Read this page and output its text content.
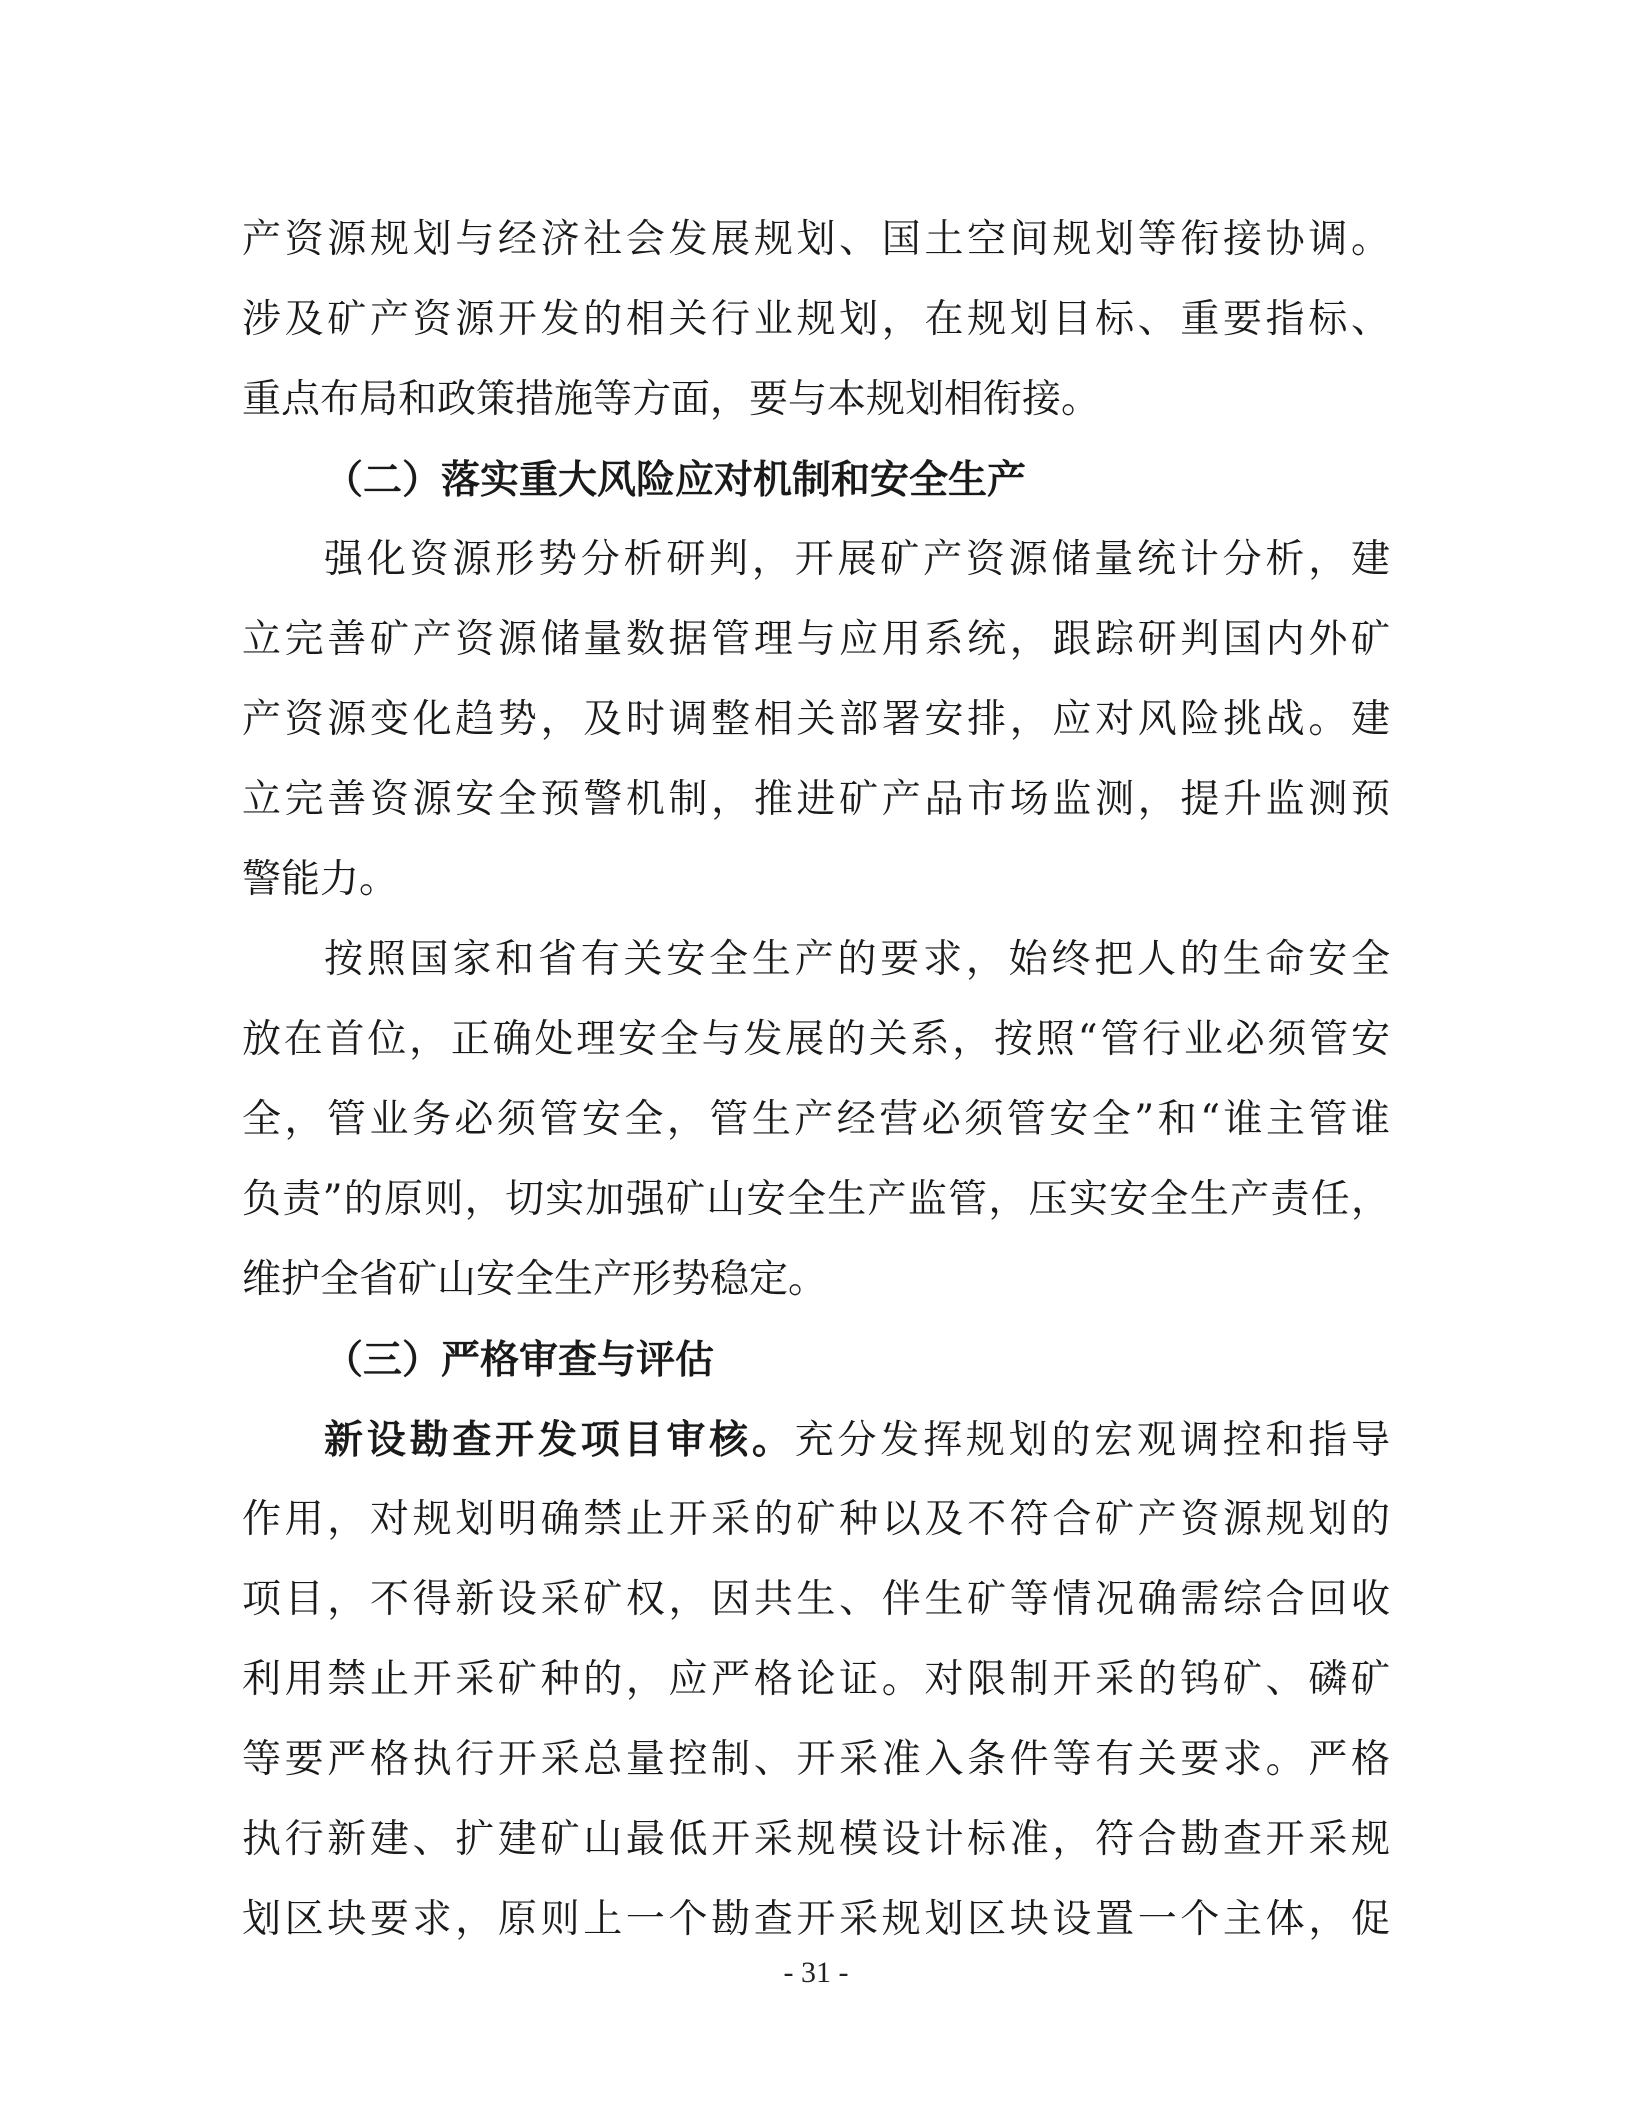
产资源规划与经济社会发展规划、国土空间规划等衔接协调。
涉及矿产资源开发的相关行业规划，在规划目标、重要指标、
重点布局和政策措施等方面，要与本规划相衔接。
（二）落实重大风险应对机制和安全生产
强化资源形势分析研判，开展矿产资源储量统计分析，建
立完善矿产资源储量数据管理与应用系统，跟踪研判国内外矿
产资源变化趋势，及时调整相关部署安排，应对风险挑战。建
立完善资源安全预警机制，推进矿产品市场监测，提升监测预
警能力。
按照国家和省有关安全生产的要求，始终把人的生命安全
放在首位，正确处理安全与发展的关系，按照“管行业必须管安
全，管业务必须管安全，管生产经营必须管安全”和“谁主管谁
负责”的原则，切实加强矿山安全生产监管，压实安全生产责任，
维护全省矿山安全生产形势稳定。
（三）严格审查与评估
新设勘查开发项目审核。充分发挥规划的宏观调控和指导
作用，对规划明确禁止开采的矿种以及不符合矿产资源规划的
项目，不得新设采矿权，因共生、伴生矿等情况确需综合回收
利用禁止开采矿种的，应严格论证。对限制开采的钨矿、磷矿
等要严格执行开采总量控制、开采准入条件等有关要求。严格
执行新建、扩建矿山最低开采规模设计标准，符合勘查开采规
划区块要求，原则上一个勘查开采规划区块设置一个主体，促
- 31 -
